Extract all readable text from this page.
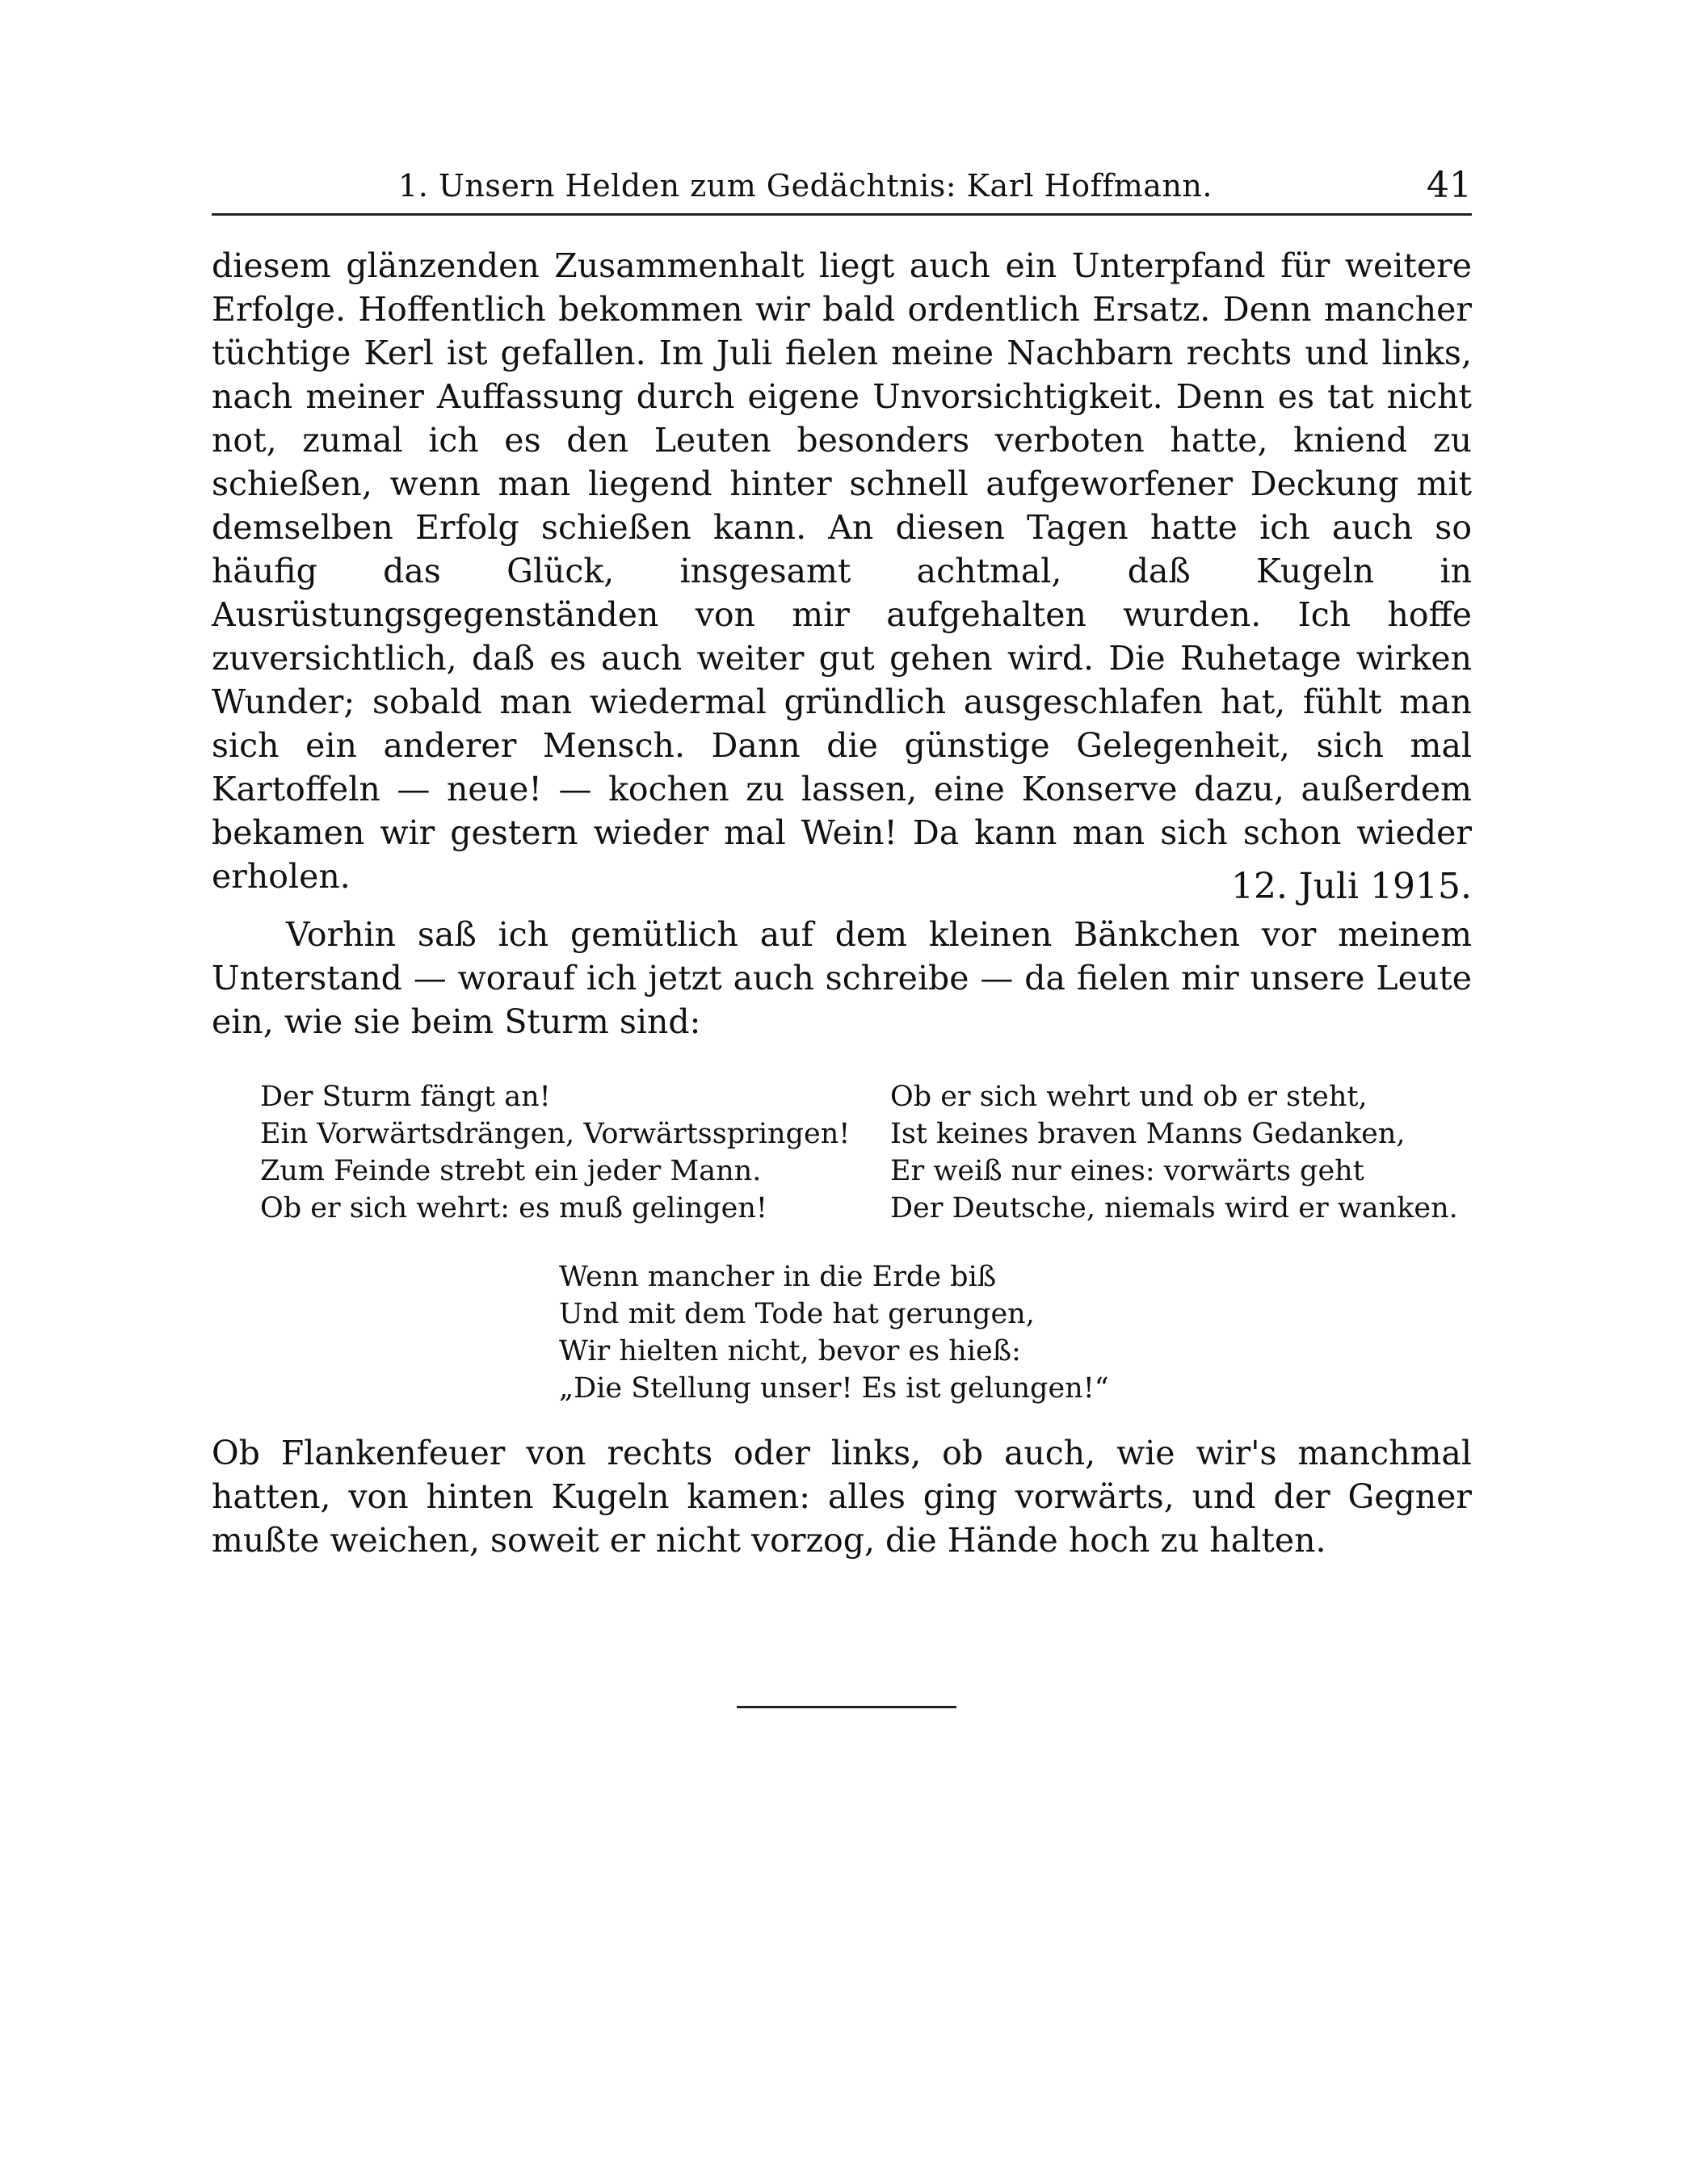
1. Unsern Helden zum Gedächtnis: Karl Hoffmann.	41

diesem glänzenden Zusammenhalt liegt auch ein Unterpfand für weitere Erfolge. Hoffentlich bekommen wir bald ordentlich Ersatz. Denn mancher tüchtige Kerl ist gefallen. Im Juli fielen meine Nachbarn rechts und links, nach meiner Auffassung durch eigene Unvorsichtigkeit. Denn es tat nicht not, zumal ich es den Leuten besonders verboten hatte, kniend zu schießen, wenn man liegend hinter schnell aufgeworfener Deckung mit demselben Erfolg schießen kann. An diesen Tagen hatte ich auch so häufig das Glück, insgesamt achtmal, daß Kugeln in Ausrüstungsgegenständen von mir aufgehalten wurden. Ich hoffe zuversichtlich, daß es auch weiter gut gehen wird. Die Ruhetage wirken Wunder; sobald man wiedermal gründlich ausgeschlafen hat, fühlt man sich ein anderer Mensch. Dann die günstige Gelegenheit, sich mal Kartoffeln — neue! — kochen zu lassen, eine Konserve dazu, außerdem bekamen wir gestern wieder mal Wein! Da kann man sich schon wieder erholen.	12. Juli 1915.

Vorhin saß ich gemütlich auf dem kleinen Bänkchen vor meinem Unterstand — worauf ich jetzt auch schreibe — da fielen mir unsere Leute ein, wie sie beim Sturm sind:

Der Sturm fängt an!
Ein Vorwärtsdrängen, Vorwärtsspringen!
Zum Feinde strebt ein jeder Mann.
Ob er sich wehrt: es muß gelingen!
Ob er sich wehrt und ob er steht,
Ist keines braven Manns Gedanken,
Er weiß nur eines: vorwärts geht
Der Deutsche, niemals wird er wanken.
Wenn mancher in die Erde biß
Und mit dem Tode hat gerungen,
Wir hielten nicht, bevor es hieß:
„Die Stellung unser! Es ist gelungen!“

Ob Flankenfeuer von rechts oder links, ob auch, wie wir's manchmal hatten, von hinten Kugeln kamen: alles ging vorwärts, und der Gegner mußte weichen, soweit er nicht vorzog, die Hände hoch zu halten.
